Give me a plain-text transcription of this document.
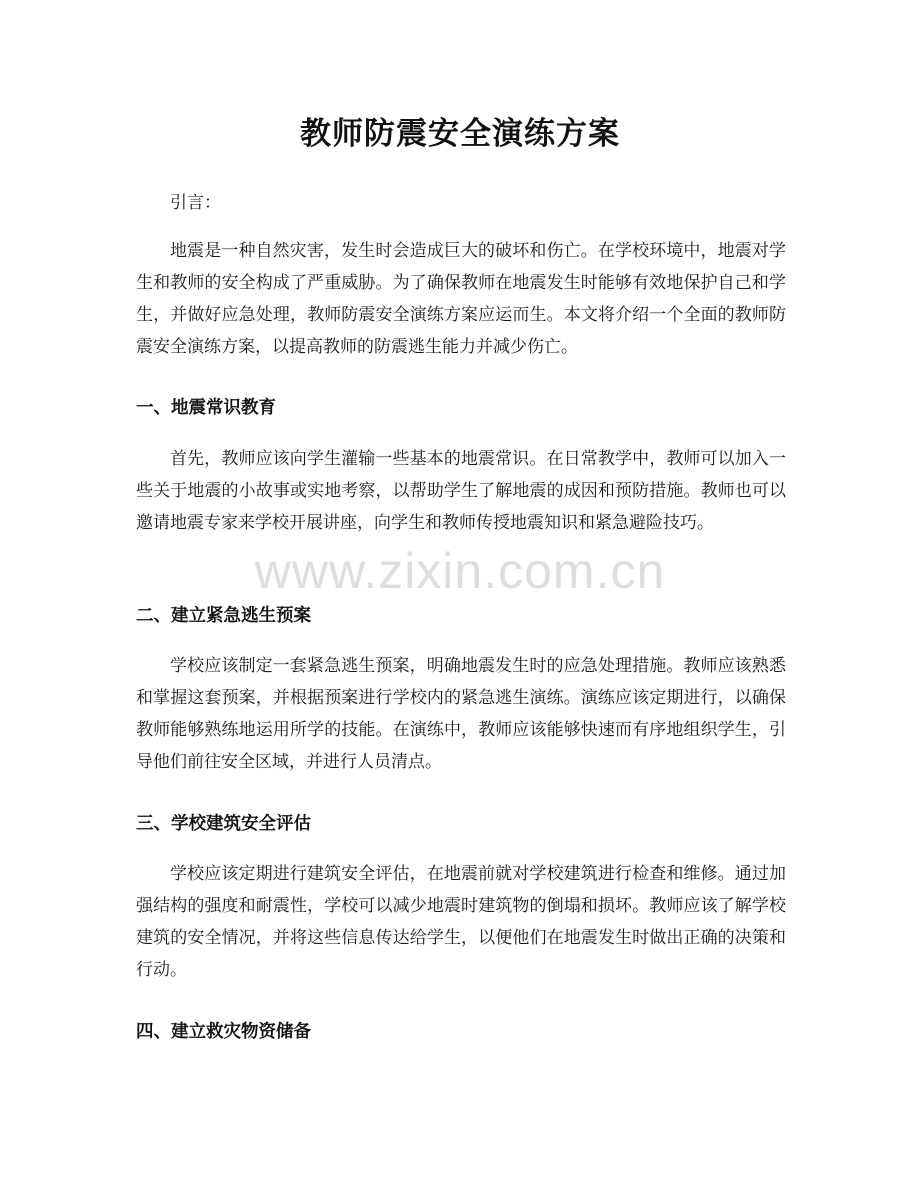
教师防震安全演练方案

引言：

地震是一种自然灾害，发生时会造成巨大的破坏和伤亡。在学校环境中，地震对学生和教师的安全构成了严重威胁。为了确保教师在地震发生时能够有效地保护自己和学生，并做好应急处理，教师防震安全演练方案应运而生。本文将介绍一个全面的教师防震安全演练方案，以提高教师的防震逃生能力并减少伤亡。

一、地震常识教育

首先，教师应该向学生灌输一些基本的地震常识。在日常教学中，教师可以加入一些关于地震的小故事或实地考察，以帮助学生了解地震的成因和预防措施。教师也可以邀请地震专家来学校开展讲座，向学生和教师传授地震知识和紧急避险技巧。

二、建立紧急逃生预案

学校应该制定一套紧急逃生预案，明确地震发生时的应急处理措施。教师应该熟悉和掌握这套预案，并根据预案进行学校内的紧急逃生演练。演练应该定期进行，以确保教师能够熟练地运用所学的技能。在演练中，教师应该能够快速而有序地组织学生，引导他们前往安全区域，并进行人员清点。

三、学校建筑安全评估

学校应该定期进行建筑安全评估，在地震前就对学校建筑进行检查和维修。通过加强结构的强度和耐震性，学校可以减少地震时建筑物的倒塌和损坏。教师应该了解学校建筑的安全情况，并将这些信息传达给学生，以便他们在地震发生时做出正确的决策和行动。

四、建立救灾物资储备
www.zixin.com.cn
